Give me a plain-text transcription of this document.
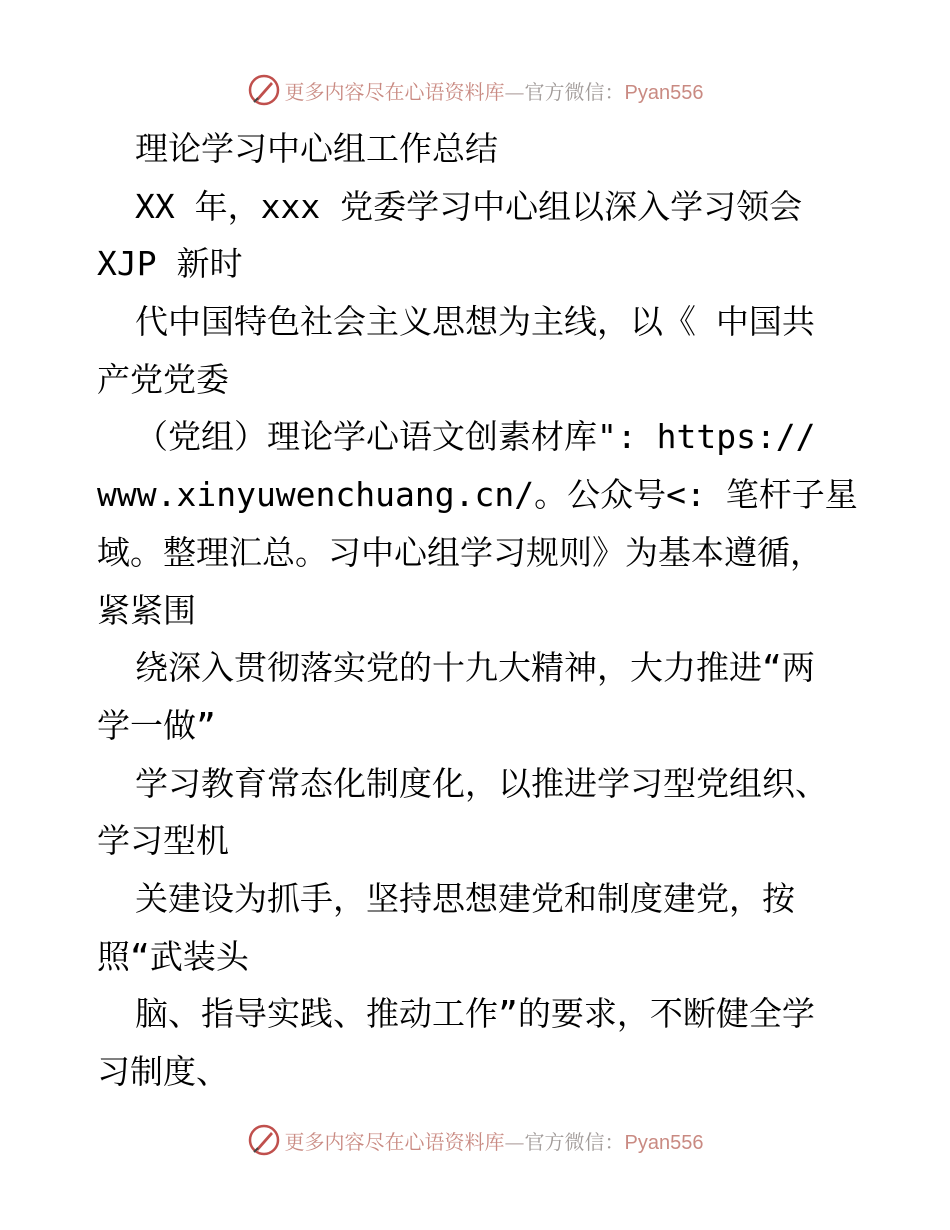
更多内容尽在心语资料库—官方微信：Pyan556
理论学习中心组工作总结
XX 年，xxx 党委学习中心组以深入学习领会
XJP 新时
代中国特色社会主义思想为主线，以《 中国共
产党党委
（党组）理论学心语文创素材库": https://
www.xinyuwenchuang.cn/。公众号<: 笔杆子星
域。整理汇总。习中心组学习规则》为基本遵循，
紧紧围
绕深入贯彻落实党的十九大精神，大力推进“两
学一做”
学习教育常态化制度化，以推进学习型党组织、
学习型机
关建设为抓手，坚持思想建党和制度建党，按
照“武装头
脑、指导实践、推动工作”的要求，不断健全学
习制度、
更多内容尽在心语资料库—官方微信：Pyan556
